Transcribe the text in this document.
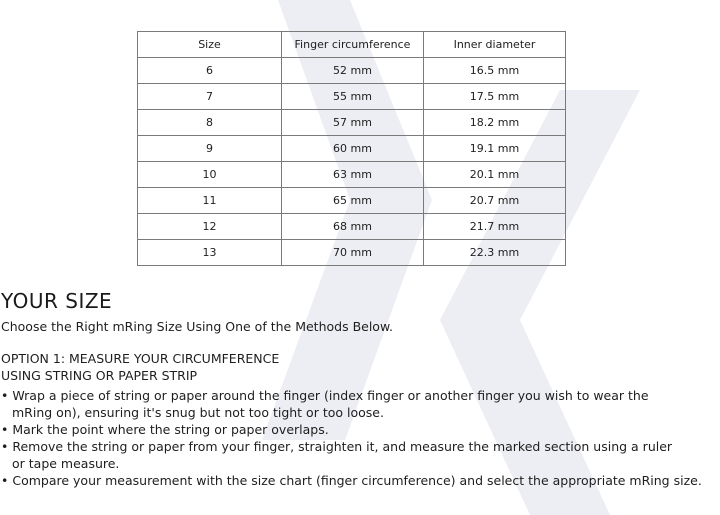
Size	Finger circumference	Inner diameter
6	52 mm	16.5 mm
7	55 mm	17.5 mm
8	57 mm	18.2 mm
9	60 mm	19.1 mm
10	63 mm	20.1 mm
11	65 mm	20.7 mm
12	68 mm	21.7 mm
13	70 mm	22.3 mm
YOUR SIZE

Choose the Right mRing Size Using One of the Methods Below.

OPTION 1: MEASURE YOUR CIRCUMFERENCE
USING STRING OR PAPER STRIP

• Wrap a piece of string or paper around the finger (index finger or another finger you wish to wear the
mRing on), ensuring it's snug but not too tight or too loose.
• Mark the point where the string or paper overlaps.
• Remove the string or paper from your finger, straighten it, and measure the marked section using a ruler
or tape measure.
• Compare your measurement with the size chart (finger circumference) and select the appropriate mRing size.
